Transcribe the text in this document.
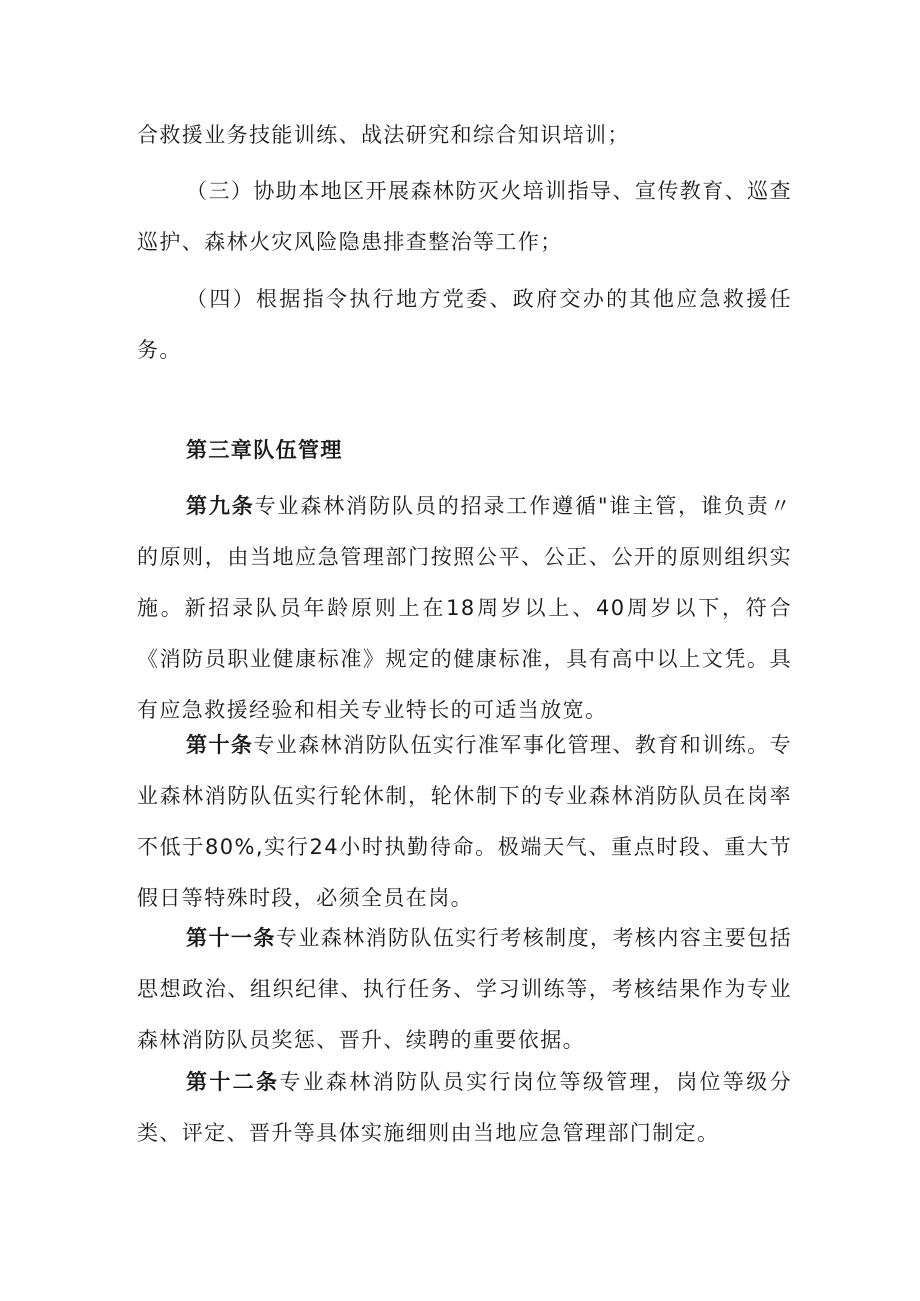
合救援业务技能训练、战法研究和综合知识培训；

（三）协助本地区开展森林防灭火培训指导、宣传教育、巡查巡护、森林火灾风险隐患排查整治等工作；

（四）根据指令执行地方党委、政府交办的其他应急救援任务。

第三章队伍管理

第九条专业森林消防队员的招录工作遵循"谁主管，谁负责〃的原则，由当地应急管理部门按照公平、公正、公开的原则组织实施。新招录队员年龄原则上在18周岁以上、40周岁以下，符合《消防员职业健康标准》规定的健康标准，具有高中以上文凭。具有应急救援经验和相关专业特长的可适当放宽。

第十条专业森林消防队伍实行准军事化管理、教育和训练。专业森林消防队伍实行轮休制，轮休制下的专业森林消防队员在岗率不低于80%,实行24小时执勤待命。极端天气、重点时段、重大节假日等特殊时段，必须全员在岗。

第十一条专业森林消防队伍实行考核制度，考核内容主要包括思想政治、组织纪律、执行任务、学习训练等，考核结果作为专业森林消防队员奖惩、晋升、续聘的重要依据。

第十二条专业森林消防队员实行岗位等级管理，岗位等级分类、评定、晋升等具体实施细则由当地应急管理部门制定。
